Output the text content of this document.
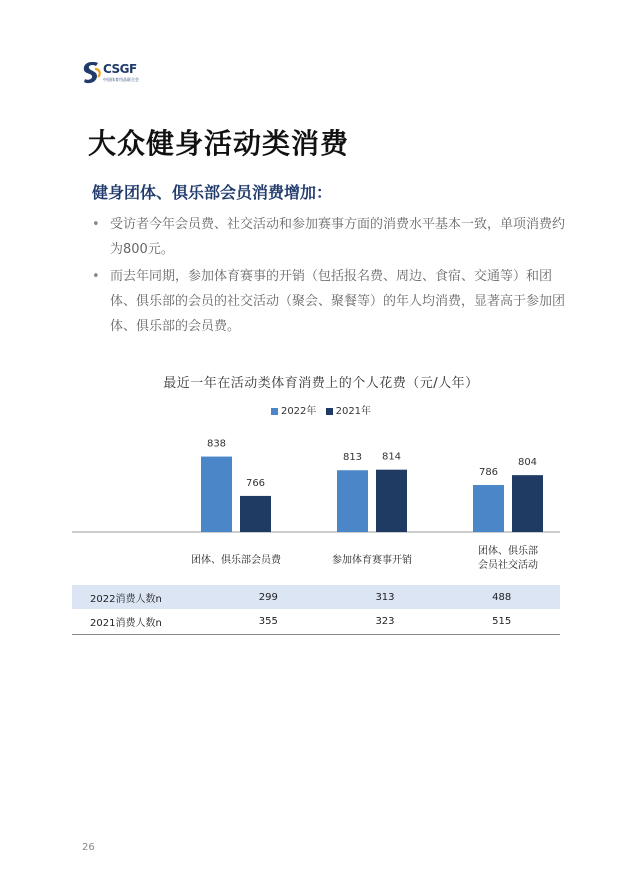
CSGF
中国体育用品联合会
大众健身活动类消费
健身团体、俱乐部会员消费增加：
• 受访者今年会员费、社交活动和参加赛事方面的消费水平基本一致，单项消费约为800元。
• 而去年同期，参加体育赛事的开销（包括报名费、周边、食宿、交通等）和团体、俱乐部的会员的社交活动（聚会、聚餐等）的年人均消费，显著高于参加团体、俱乐部的会员费。
最近一年在活动类体育消费上的个人花费（元/人年）
2022年 2021年
838
766
团体、俱乐部会员费
813 814
参加体育赛事开销
786
804
团体、俱乐部
会员社交活动
2022消费人数n	299	313	488
2021消费人数n	355	323	515
26
